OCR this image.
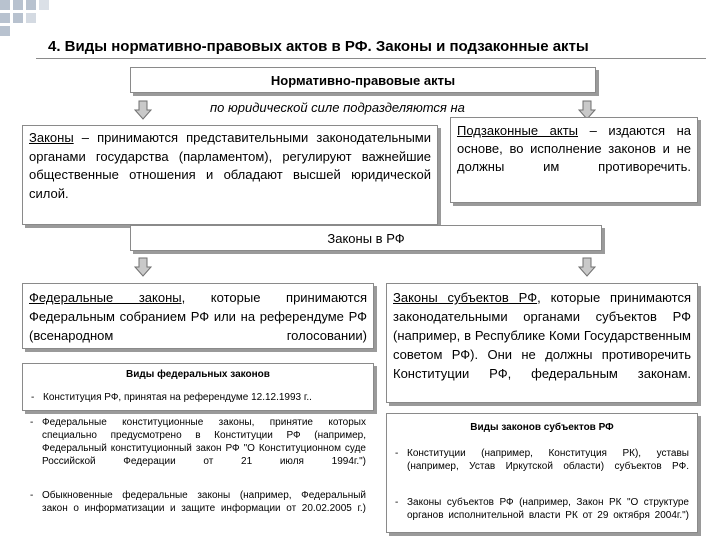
4. Виды нормативно-правовых актов в РФ. Законы и подзаконные акты
Нормативно-правовые акты
по юридической силе подразделяются на
Законы – принимаются представительными законодательными органами государства (парламентом), регулируют важнейшие общественные отношения и обладают высшей юридической силой.
Подзаконные акты – издаются на основе, во исполнение законов и не должны им противоречить.
Законы в РФ
Федеральные законы, которые принимаются Федеральным собранием РФ или на референдуме РФ (всенародном голосовании)
Законы субъектов РФ, которые принимаются законодательными органами субъектов РФ (например, в Республике Коми Государственным советом РФ). Они не должны противоречить Конституции РФ, федеральным законам.
Виды федеральных законов
- Конституция РФ, принятая на референдуме 12.12.1993 г..
- Федеральные конституционные законы, принятие которых специально предусмотрено в Конституции РФ (например, Федеральный конституционный закон РФ "О Конституционном суде Российской Федерации от 21 июля 1994г.")
- Обыкновенные федеральные законы (например, Федеральный закон о информатизации и защите информации от 20.02.2005 г.)
Виды законов субъектов РФ
- Конституции (например, Конституция РК), уставы (например, Устав Иркутской области) субъектов РФ.
- Законы субъектов РФ (например, Закон РК "О структуре органов исполнительной власти РК от 29 октября 2004г.")
